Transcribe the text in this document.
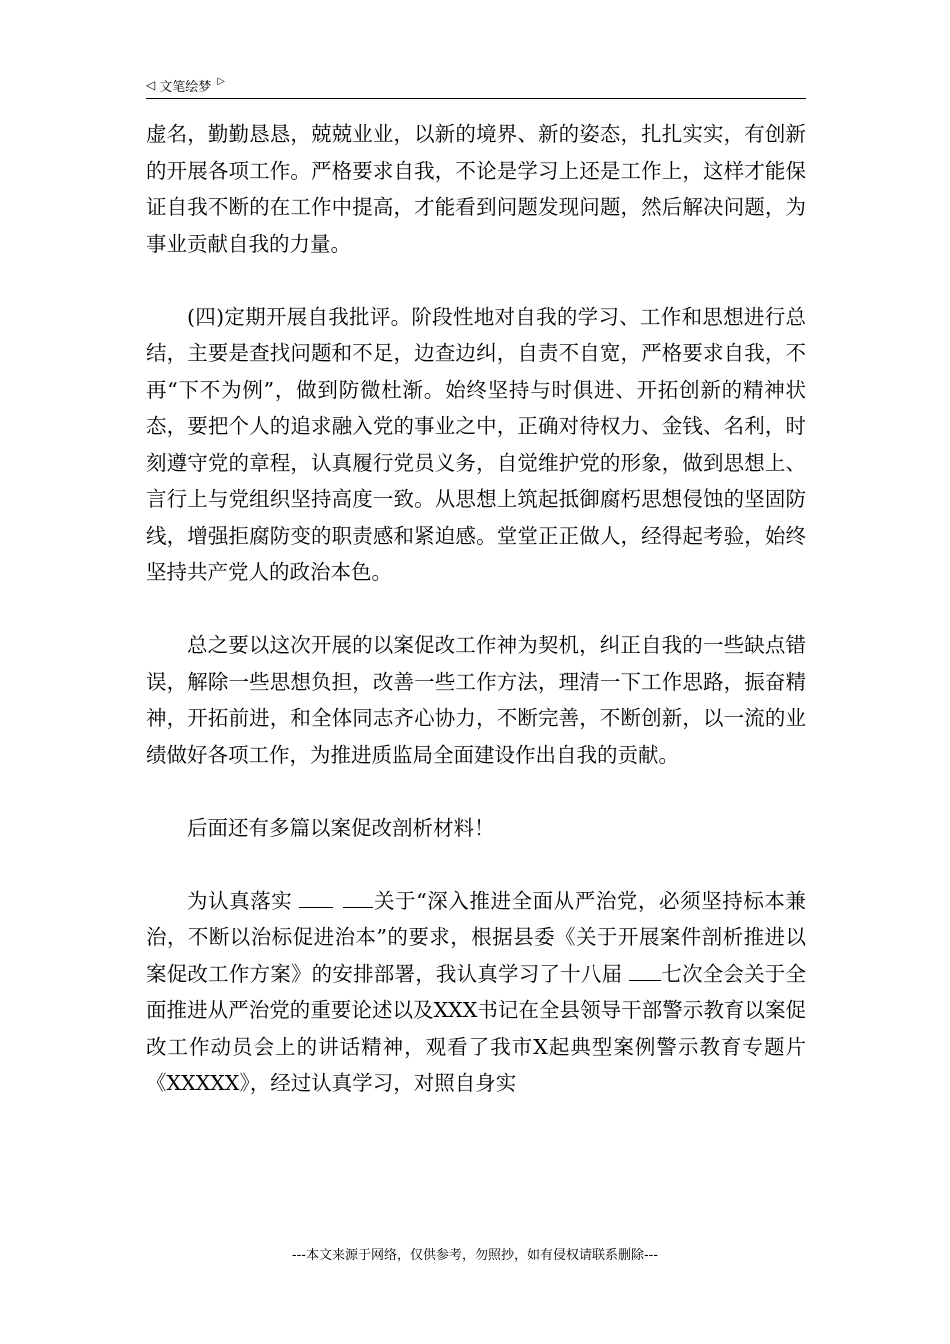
◁ 文笔绘梦 ▷

虚名，勤勤恳恳，兢兢业业，以新的境界、新的姿态，扎扎实实，有创新的开展各项工作。严格要求自我，不论是学习上还是工作上，这样才能保证自我不断的在工作中提高，才能看到问题发现问题，然后解决问题，为事业贡献自我的力量。

(四)定期开展自我批评。阶段性地对自我的学习、工作和思想进行总结，主要是查找问题和不足，边查边纠，自责不自宽，严格要求自我，不再“下不为例”，做到防微杜渐。始终坚持与时俱进、开拓创新的精神状态，要把个人的追求融入党的事业之中，正确对待权力、金钱、名利，时刻遵守党的章程，认真履行党员义务，自觉维护党的形象，做到思想上、言行上与党组织坚持高度一致。从思想上筑起抵御腐朽思想侵蚀的坚固防线，增强拒腐防变的职责感和紧迫感。堂堂正正做人，经得起考验，始终坚持共产党人的政治本色。

总之要以这次开展的以案促改工作神为契机，纠正自我的一些缺点错误，解除一些思想负担，改善一些工作方法，理清一下工作思路，振奋精神，开拓前进，和全体同志齐心协力，不断完善，不断创新，以一流的业绩做好各项工作，为推进质监局全面建设作出自我的贡献。

后面还有多篇以案促改剖析材料！

为认真落实	关于“深入推进全面从严治党，必须坚持标本兼治，不断以治标促进治本”的要求，根据县委《关于开展案件剖析推进以案促改工作方案》的安排部署，我认真学习了十八届 七次全会关于全面推进从严治党的重要论述以及XXX书记在全县领导干部警示教育以案促改工作动员会上的讲话精神，观看了我市X起典型案例警示教育专题片《XXXXX》，经过认真学习，对照自身实

---本文来源于网络，仅供参考，勿照抄，如有侵权请联系删除---
